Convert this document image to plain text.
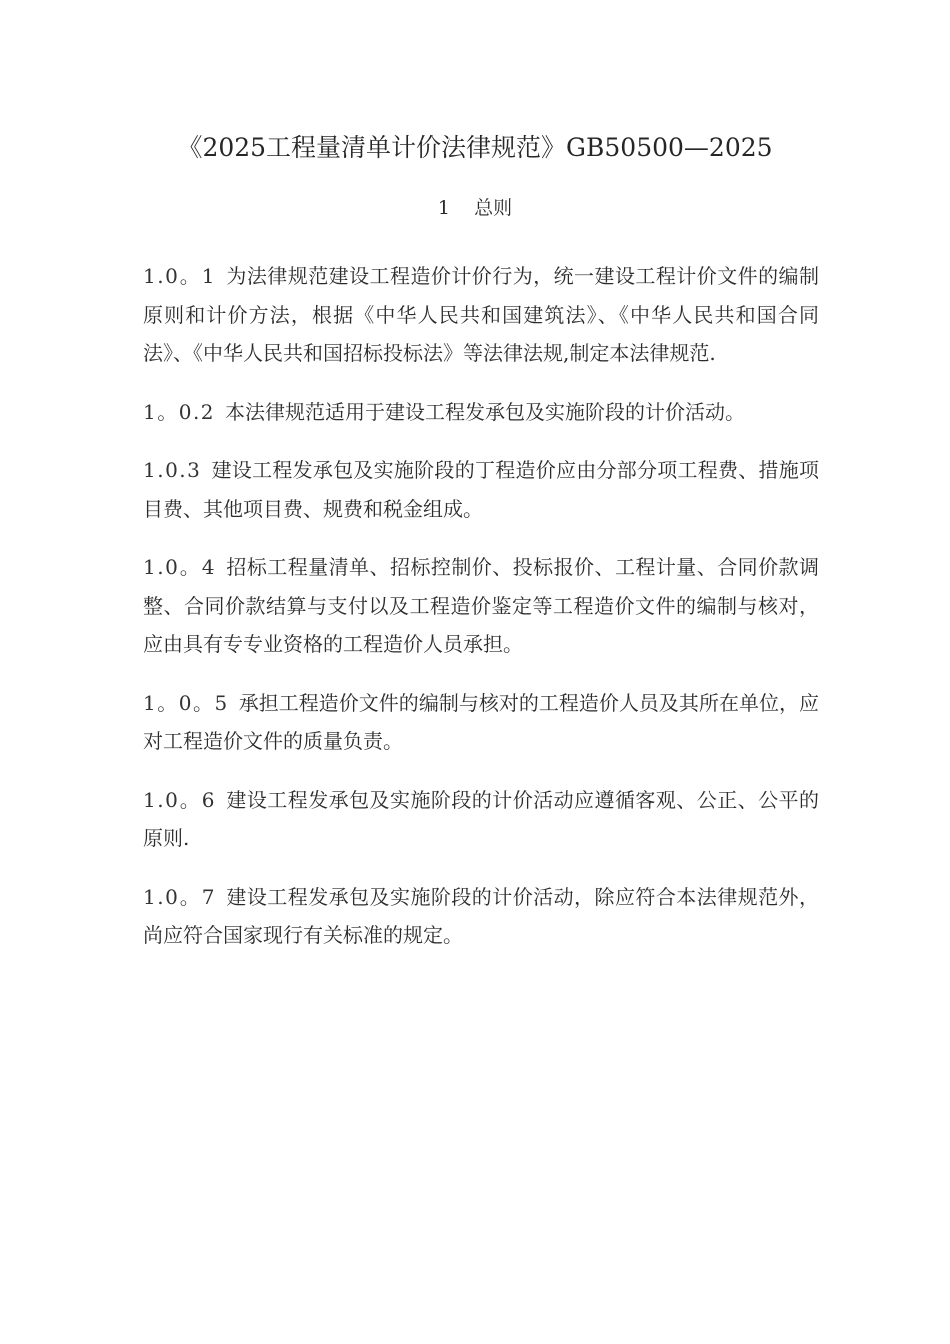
《2025工程量清单计价法律规范》GB50500—2025
1    总则

1.0。1 为法律规范建设工程造价计价行为，统一建设工程计价文件的编制原则和计价方法，根据《中华人民共和国建筑法》、《中华人民共和国合同法》、《中华人民共和国招标投标法》等法律法规,制定本法律规范.

1。0.2 本法律规范适用于建设工程发承包及实施阶段的计价活动。

1.0.3 建设工程发承包及实施阶段的丁程造价应由分部分项工程费、措施项目费、其他项目费、规费和税金组成。

1.0。4 招标工程量清单、招标控制价、投标报价、工程计量、合同价款调整、合同价款结算与支付以及工程造价鉴定等工程造价文件的编制与核对，应由具有专专业资格的工程造价人员承担。

1。0。5 承担工程造价文件的编制与核对的工程造价人员及其所在单位，应对工程造价文件的质量负责。

1.0。6 建设工程发承包及实施阶段的计价活动应遵循客观、公正、公平的原则.

1.0。7 建设工程发承包及实施阶段的计价活动，除应符合本法律规范外，尚应符合国家现行有关标准的规定。
